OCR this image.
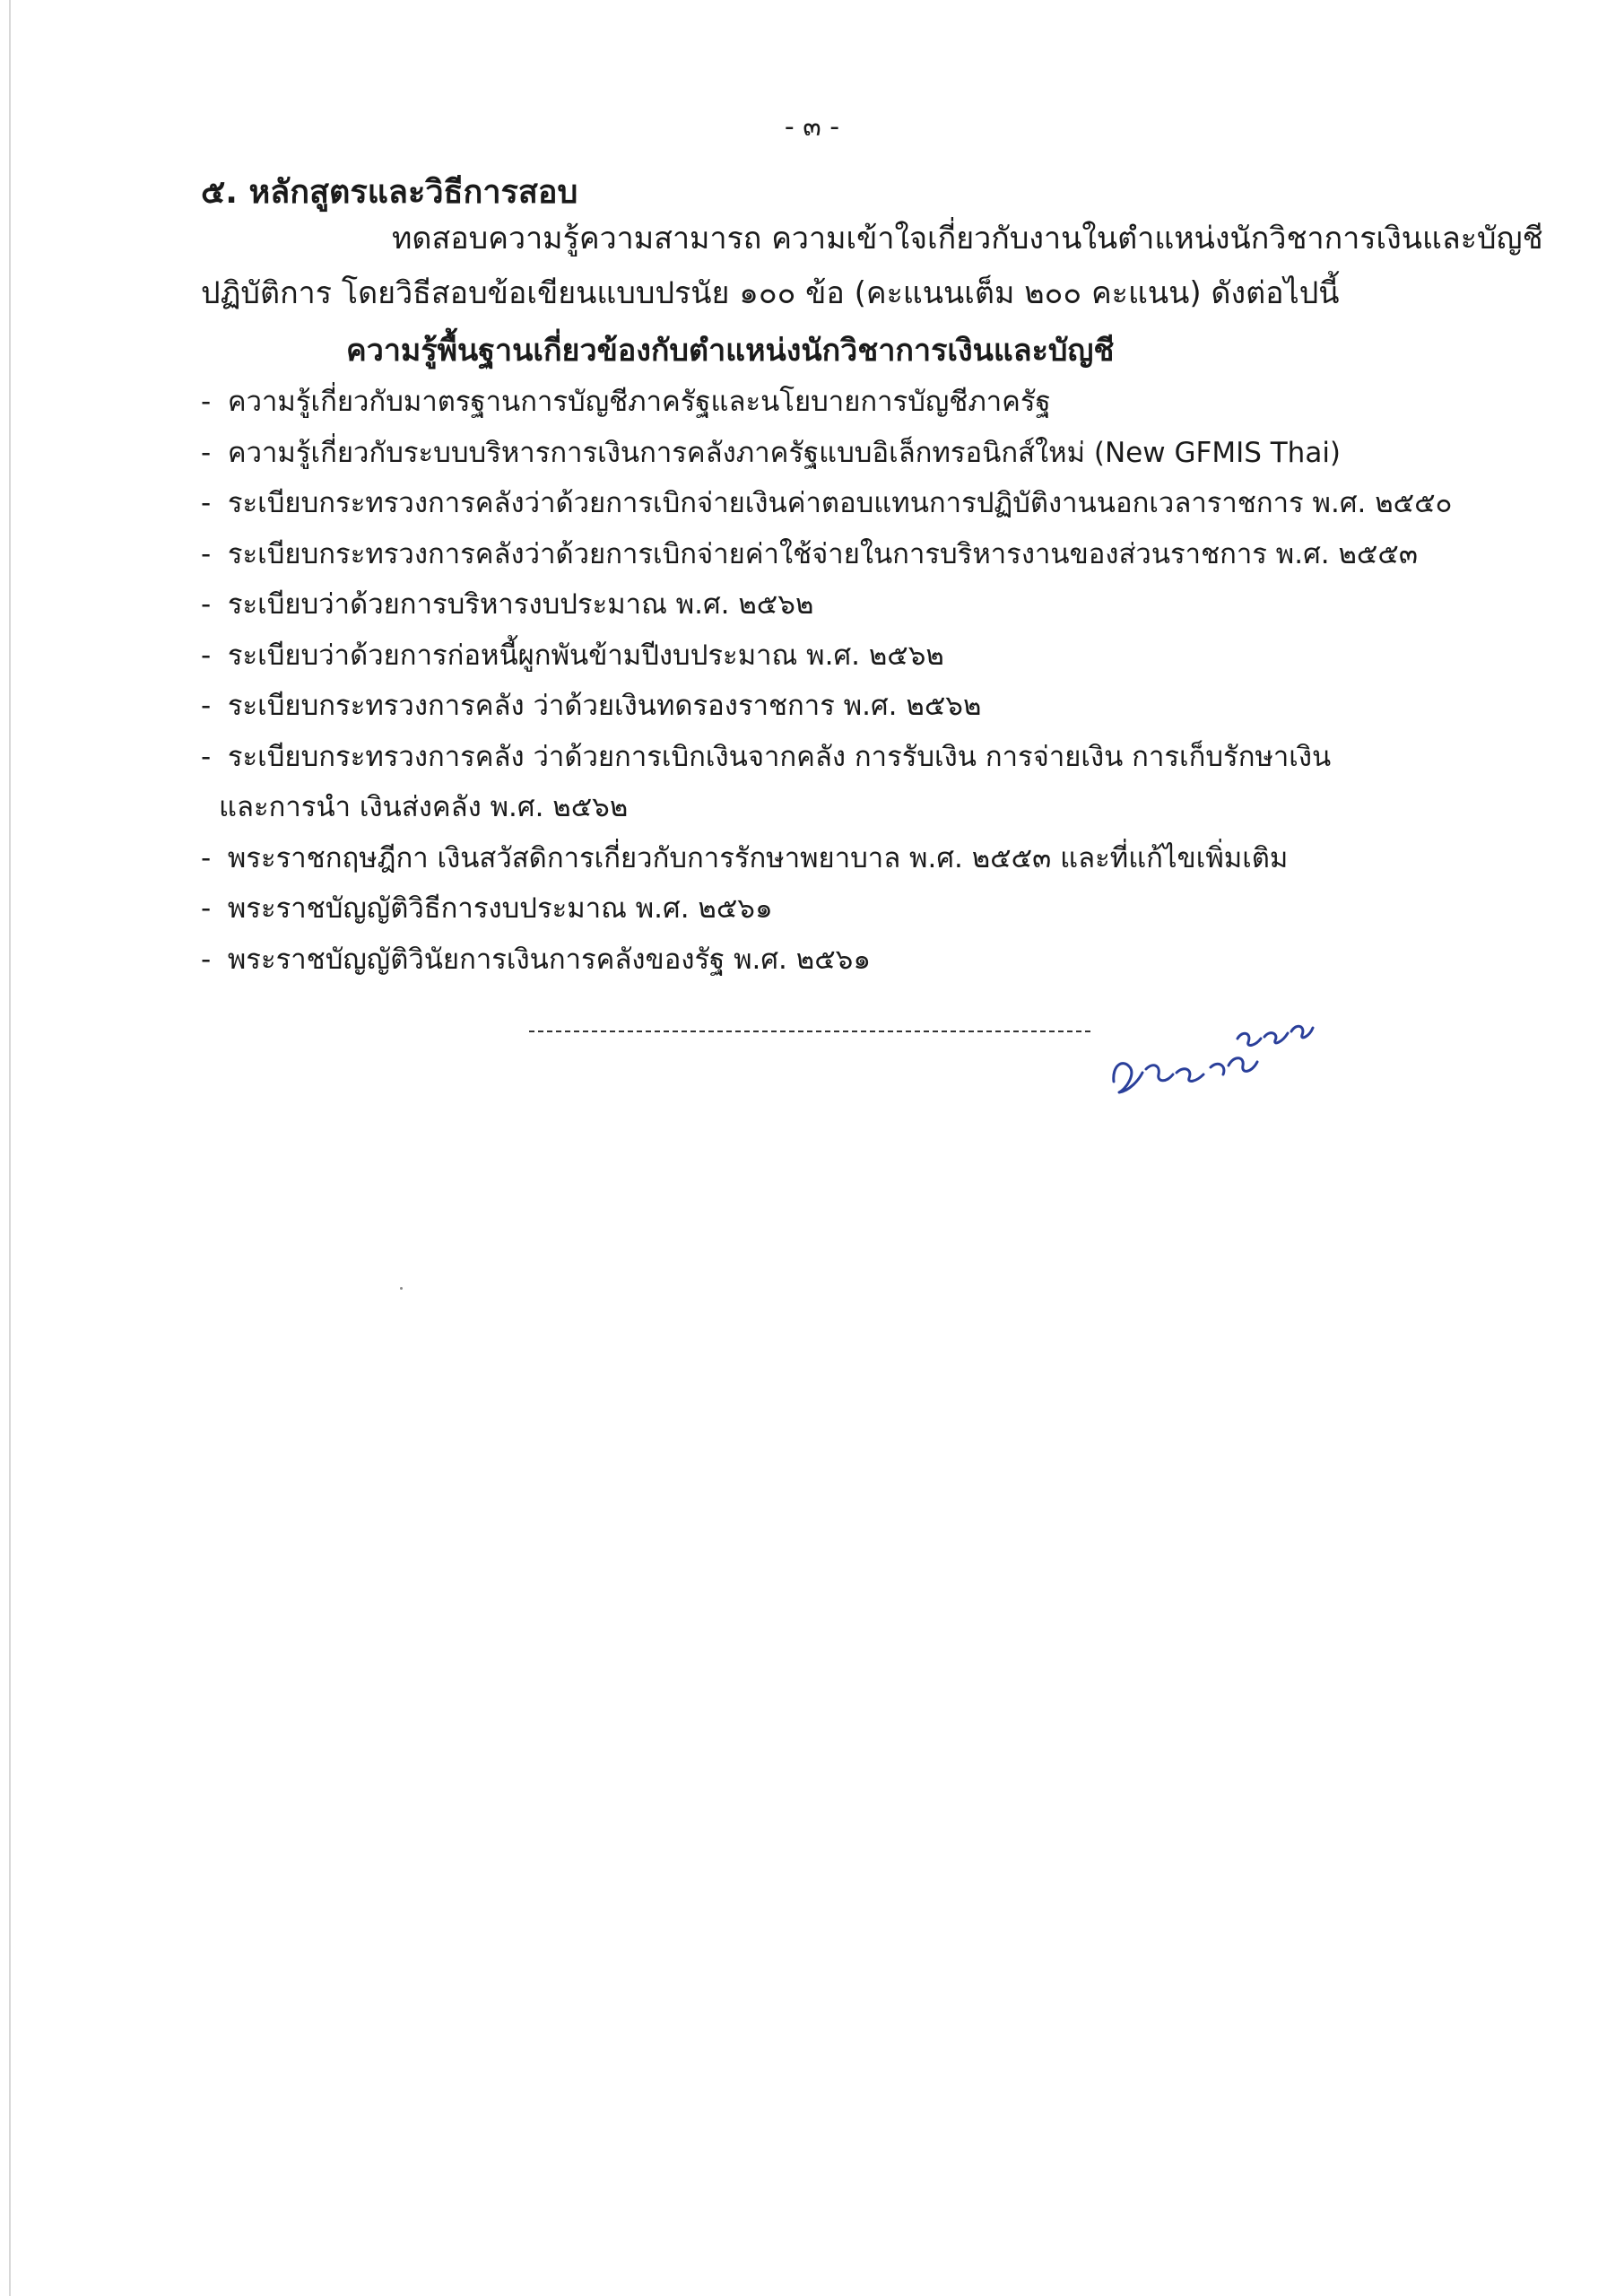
- ๓ -
๕. หลักสูตรและวิธีการสอบ
ทดสอบความรู้ความสามารถ ความเข้าใจเกี่ยวกับงานในตำแหน่งนักวิชาการเงินและบัญชี
ปฏิบัติการ โดยวิธีสอบข้อเขียนแบบปรนัย ๑๐๐ ข้อ (คะแนนเต็ม ๒๐๐ คะแนน) ดังต่อไปนี้
ความรู้พื้นฐานเกี่ยวข้องกับตำแหน่งนักวิชาการเงินและบัญชี
- ความรู้เกี่ยวกับมาตรฐานการบัญชีภาครัฐและนโยบายการบัญชีภาครัฐ
- ความรู้เกี่ยวกับระบบบริหารการเงินการคลังภาครัฐแบบอิเล็กทรอนิกส์ใหม่ (New GFMIS Thai)
- ระเบียบกระทรวงการคลังว่าด้วยการเบิกจ่ายเงินค่าตอบแทนการปฏิบัติงานนอกเวลาราชการ พ.ศ. ๒๕๕๐
- ระเบียบกระทรวงการคลังว่าด้วยการเบิกจ่ายค่าใช้จ่ายในการบริหารงานของส่วนราชการ พ.ศ. ๒๕๕๓
- ระเบียบว่าด้วยการบริหารงบประมาณ พ.ศ. ๒๕๖๒
- ระเบียบว่าด้วยการก่อหนี้ผูกพันข้ามปีงบประมาณ พ.ศ. ๒๕๖๒
- ระเบียบกระทรวงการคลัง ว่าด้วยเงินทดรองราชการ พ.ศ. ๒๕๖๒
- ระเบียบกระทรวงการคลัง ว่าด้วยการเบิกเงินจากคลัง การรับเงิน การจ่ายเงิน การเก็บรักษาเงิน
และการนำ เงินส่งคลัง พ.ศ. ๒๕๖๒
- พระราชกฤษฎีกา เงินสวัสดิการเกี่ยวกับการรักษาพยาบาล พ.ศ. ๒๕๕๓ และที่แก้ไขเพิ่มเติม
- พระราชบัญญัติวิธีการงบประมาณ พ.ศ. ๒๕๖๑
- พระราชบัญญัติวินัยการเงินการคลังของรัฐ พ.ศ. ๒๕๖๑
